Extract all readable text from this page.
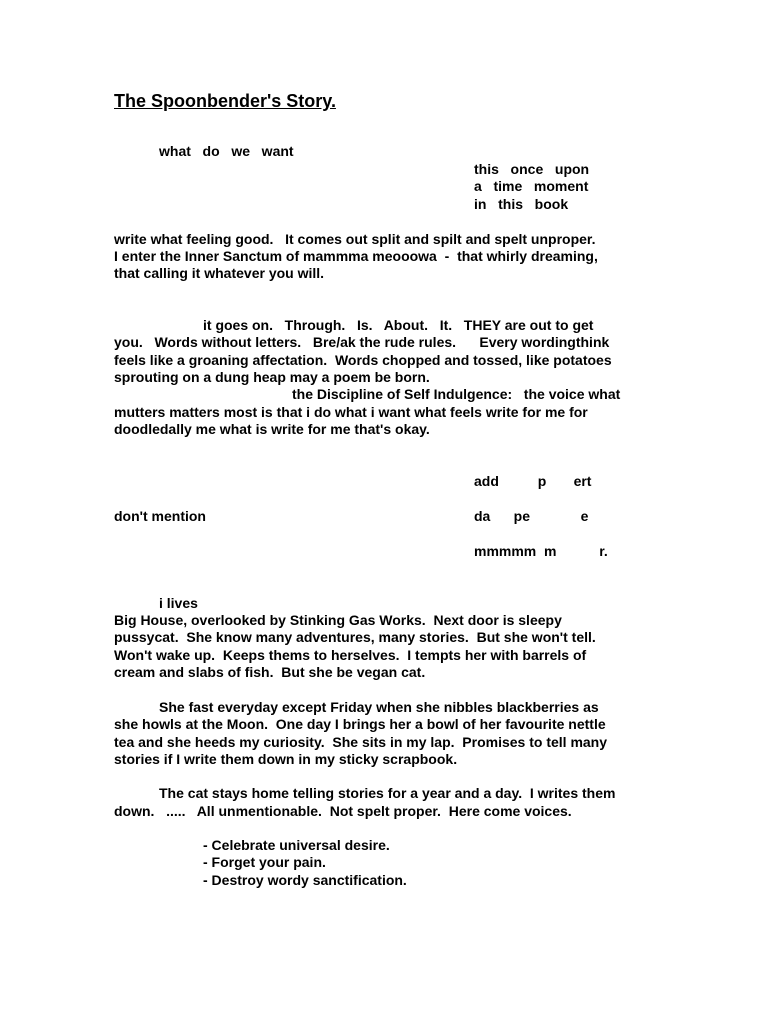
The Spoonbender's Story.

what   do   we   want

this   once   upon

a   time   moment

in   this   book

write what feeling good.   It comes out split and spilt and spelt unproper.

I enter the Inner Sanctum of mammma meooowa  -  that whirly dreaming,

that calling it whatever you will.

it goes on.   Through.   Is.   About.   It.   THEY are out to get

you.   Words without letters.   Bre/ak the rude rules.      Every wordingthink

feels like a groaning affectation.  Words chopped and tossed, like potatoes

sprouting on a dung heap may a poem be born.

the Discipline of Self Indulgence:   the voice what

mutters matters most is that i do what i want what feels write for me for

doodledally me what is write for me that's okay.

add          p       ert

don't mention	da      pe             e

mmmmm  m           r.

i lives

Big House, overlooked by Stinking Gas Works.  Next door is sleepy

pussycat.  She know many adventures, many stories.  But she won't tell.

Won't wake up.  Keeps thems to herselves.  I tempts her with barrels of

cream and slabs of fish.  But she be vegan cat.

She fast everyday except Friday when she nibbles blackberries as

she howls at the Moon.  One day I brings her a bowl of her favourite nettle

tea and she heeds my curiosity.  She sits in my lap.  Promises to tell many

stories if I write them down in my sticky scrapbook.

The cat stays home telling stories for a year and a day.  I writes them

down.   .....   All unmentionable.  Not spelt proper.  Here come voices.

- Celebrate universal desire.

- Forget your pain.

- Destroy wordy sanctification.
